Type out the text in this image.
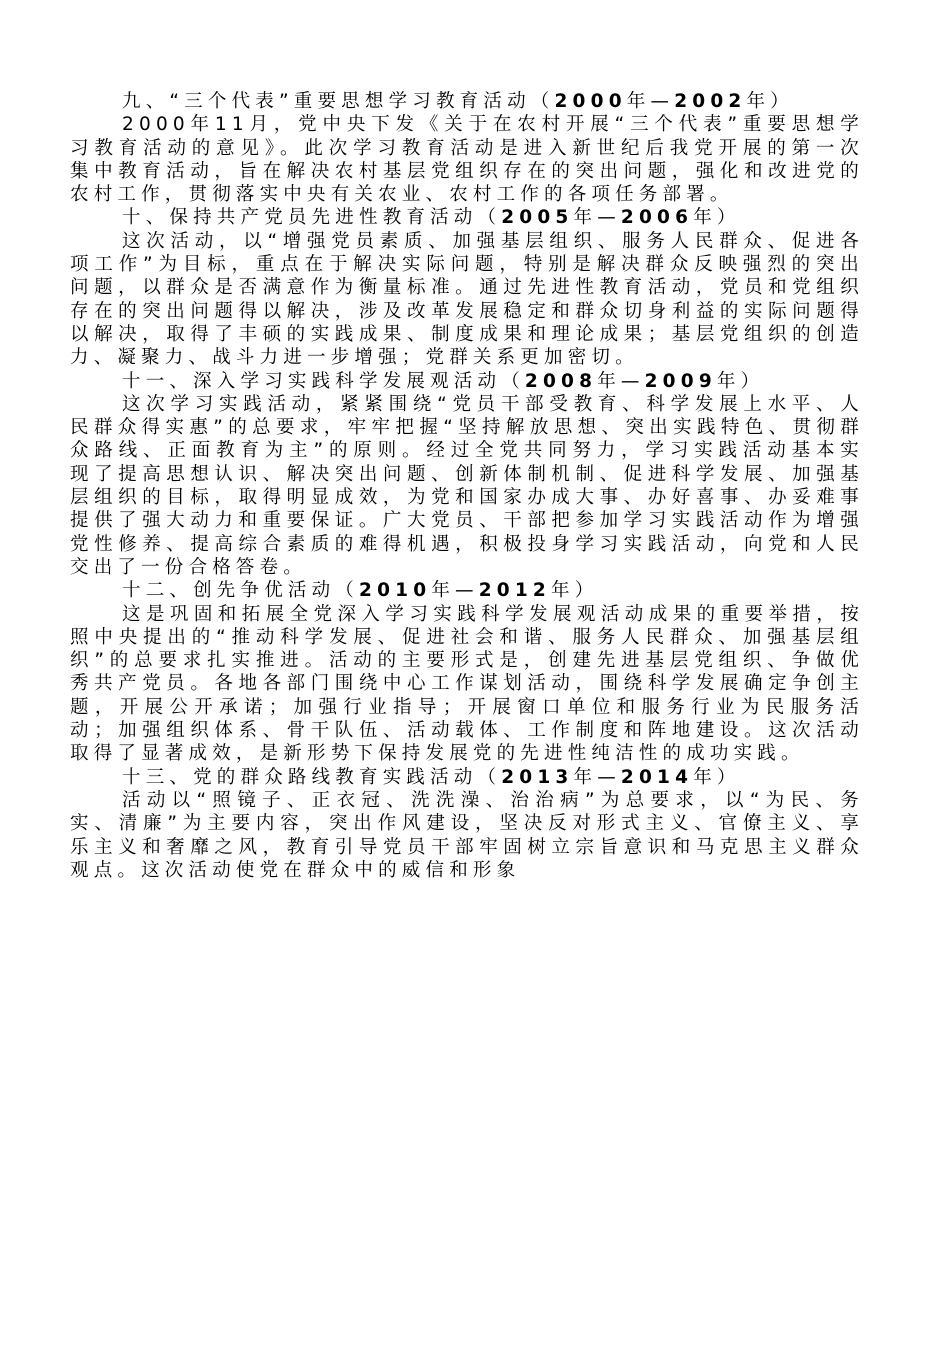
九、“三个代表”重要思想学习教育活动（2000年—2002年）

2000年11月，党中央下发《关于在农村开展“三个代表”重要思想学习教育活动的意见》。此次学习教育活动是进入新世纪后我党开展的第一次集中教育活动，旨在解决农村基层党组织存在的突出问题，强化和改进党的农村工作，贯彻落实中央有关农业、农村工作的各项任务部署。

十、保持共产党员先进性教育活动（2005年—2006年）

这次活动，以“增强党员素质、加强基层组织、服务人民群众、促进各项工作”为目标，重点在于解决实际问题，特别是解决群众反映强烈的突出问题，以群众是否满意作为衡量标准。通过先进性教育活动，党员和党组织存在的突出问题得以解决，涉及改革发展稳定和群众切身利益的实际问题得以解决，取得了丰硕的实践成果、制度成果和理论成果；基层党组织的创造力、凝聚力、战斗力进一步增强；党群关系更加密切。

十一、深入学习实践科学发展观活动（2008年—2009年）

这次学习实践活动，紧紧围绕“党员干部受教育、科学发展上水平、人民群众得实惠”的总要求，牢牢把握“坚持解放思想、突出实践特色、贯彻群众路线、正面教育为主”的原则。经过全党共同努力，学习实践活动基本实现了提高思想认识、解决突出问题、创新体制机制、促进科学发展、加强基层组织的目标，取得明显成效，为党和国家办成大事、办好喜事、办妥难事提供了强大动力和重要保证。广大党员、干部把参加学习实践活动作为增强党性修养、提高综合素质的难得机遇，积极投身学习实践活动，向党和人民交出了一份合格答卷。

十二、创先争优活动（2010年—2012年）

这是巩固和拓展全党深入学习实践科学发展观活动成果的重要举措，按照中央提出的“推动科学发展、促进社会和谐、服务人民群众、加强基层组织”的总要求扎实推进。活动的主要形式是，创建先进基层党组织、争做优秀共产党员。各地各部门围绕中心工作谋划活动，围绕科学发展确定争创主题，开展公开承诺；加强行业指导；开展窗口单位和服务行业为民服务活动；加强组织体系、骨干队伍、活动载体、工作制度和阵地建设。这次活动取得了显著成效，是新形势下保持发展党的先进性纯洁性的成功实践。

十三、党的群众路线教育实践活动（2013年—2014年）

活动以“照镜子、正衣冠、洗洗澡、治治病”为总要求，以“为民、务实、清廉”为主要内容，突出作风建设，坚决反对形式主义、官僚主义、享乐主义和奢靡之风，教育引导党员干部牢固树立宗旨意识和马克思主义群众观点。这次活动使党在群众中的威信和形象
